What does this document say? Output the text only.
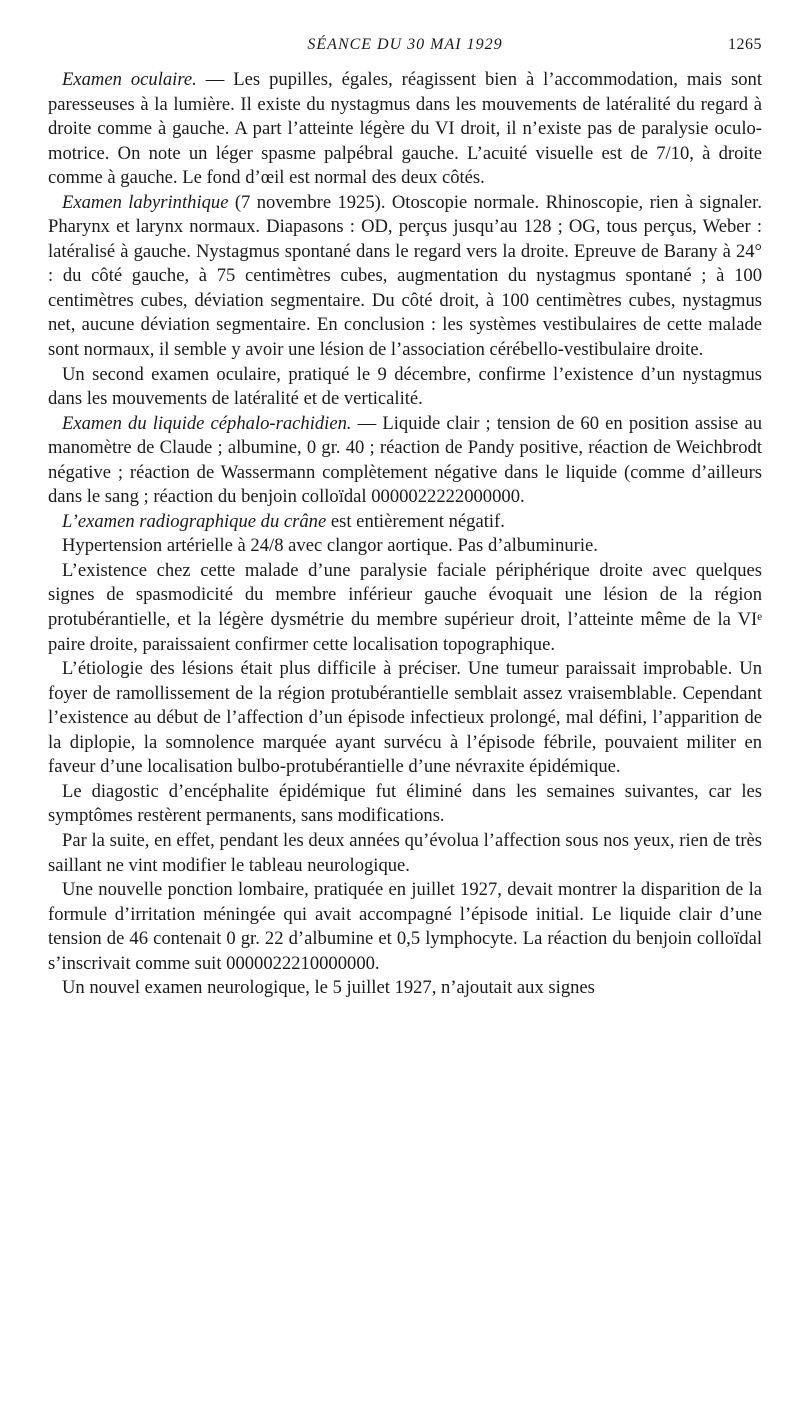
SÉANCE DU 30 MAI 1929	1265

Examen oculaire. — Les pupilles, égales, réagissent bien à l’accommodation, mais sont paresseuses à la lumière. Il existe du nystagmus dans les mouvements de latéralité du regard à droite comme à gauche. A part l’atteinte légère du VI droit, il n’existe pas de paralysie oculo-motrice. On note un léger spasme palpébral gauche. L’acuité visuelle est de 7/10, à droite comme à gauche. Le fond d’œil est normal des deux côtés.

Examen labyrinthique (7 novembre 1925). Otoscopie normale. Rhinoscopie, rien à signaler. Pharynx et larynx normaux. Diapasons : OD, perçus jusqu’au 128 ; OG, tous perçus, Weber : latéralisé à gauche. Nystagmus spontané dans le regard vers la droite. Epreuve de Barany à 24° : du côté gauche, à 75 centimètres cubes, augmentation du nystagmus spontané ; à 100 centimètres cubes, déviation segmentaire. Du côté droit, à 100 centimètres cubes, nystagmus net, aucune déviation segmentaire. En conclusion : les systèmes vestibulaires de cette malade sont normaux, il semble y avoir une lésion de l’association cérébello-vestibulaire droite.

Un second examen oculaire, pratiqué le 9 décembre, confirme l’existence d’un nystagmus dans les mouvements de latéralité et de verticalité.

Examen du liquide céphalo-rachidien. — Liquide clair ; tension de 60 en position assise au manomètre de Claude ; albumine, 0 gr. 40 ; réaction de Pandy positive, réaction de Weichbrodt négative ; réaction de Wassermann complètement négative dans le liquide (comme d’ailleurs dans le sang ; réaction du benjoin colloïdal 0000022222000000.

L’examen radiographique du crâne est entièrement négatif.

Hypertension artérielle à 24/8 avec clangor aortique. Pas d’albuminurie.

L’existence chez cette malade d’une paralysie faciale périphérique droite avec quelques signes de spasmodicité du membre inférieur gauche évoquait une lésion de la région protubérantielle, et la légère dysmétrie du membre supérieur droit, l’atteinte même de la VIᵉ paire droite, paraissaient confirmer cette localisation topographique.

L’étiologie des lésions était plus difficile à préciser. Une tumeur paraissait improbable. Un foyer de ramollissement de la région protubérantielle semblait assez vraisemblable. Cependant l’existence au début de l’affection d’un épisode infectieux prolongé, mal défini, l’apparition de la diplopie, la somnolence marquée ayant survécu à l’épisode fébrile, pouvaient militer en faveur d’une localisation bulbo-protubérantielle d’une névraxite épidémique.

Le diagostic d’encéphalite épidémique fut éliminé dans les semaines suivantes, car les symptômes restèrent permanents, sans modifications.

Par la suite, en effet, pendant les deux années qu’évolua l’affection sous nos yeux, rien de très saillant ne vint modifier le tableau neurologique.

Une nouvelle ponction lombaire, pratiquée en juillet 1927, devait montrer la disparition de la formule d’irritation méningée qui avait accompagné l’épisode initial. Le liquide clair d’une tension de 46 contenait 0 gr. 22 d’albumine et 0,5 lymphocyte. La réaction du benjoin colloïdal s’inscrivait comme suit 0000022210000000.

Un nouvel examen neurologique, le 5 juillet 1927, n’ajoutait aux signes
